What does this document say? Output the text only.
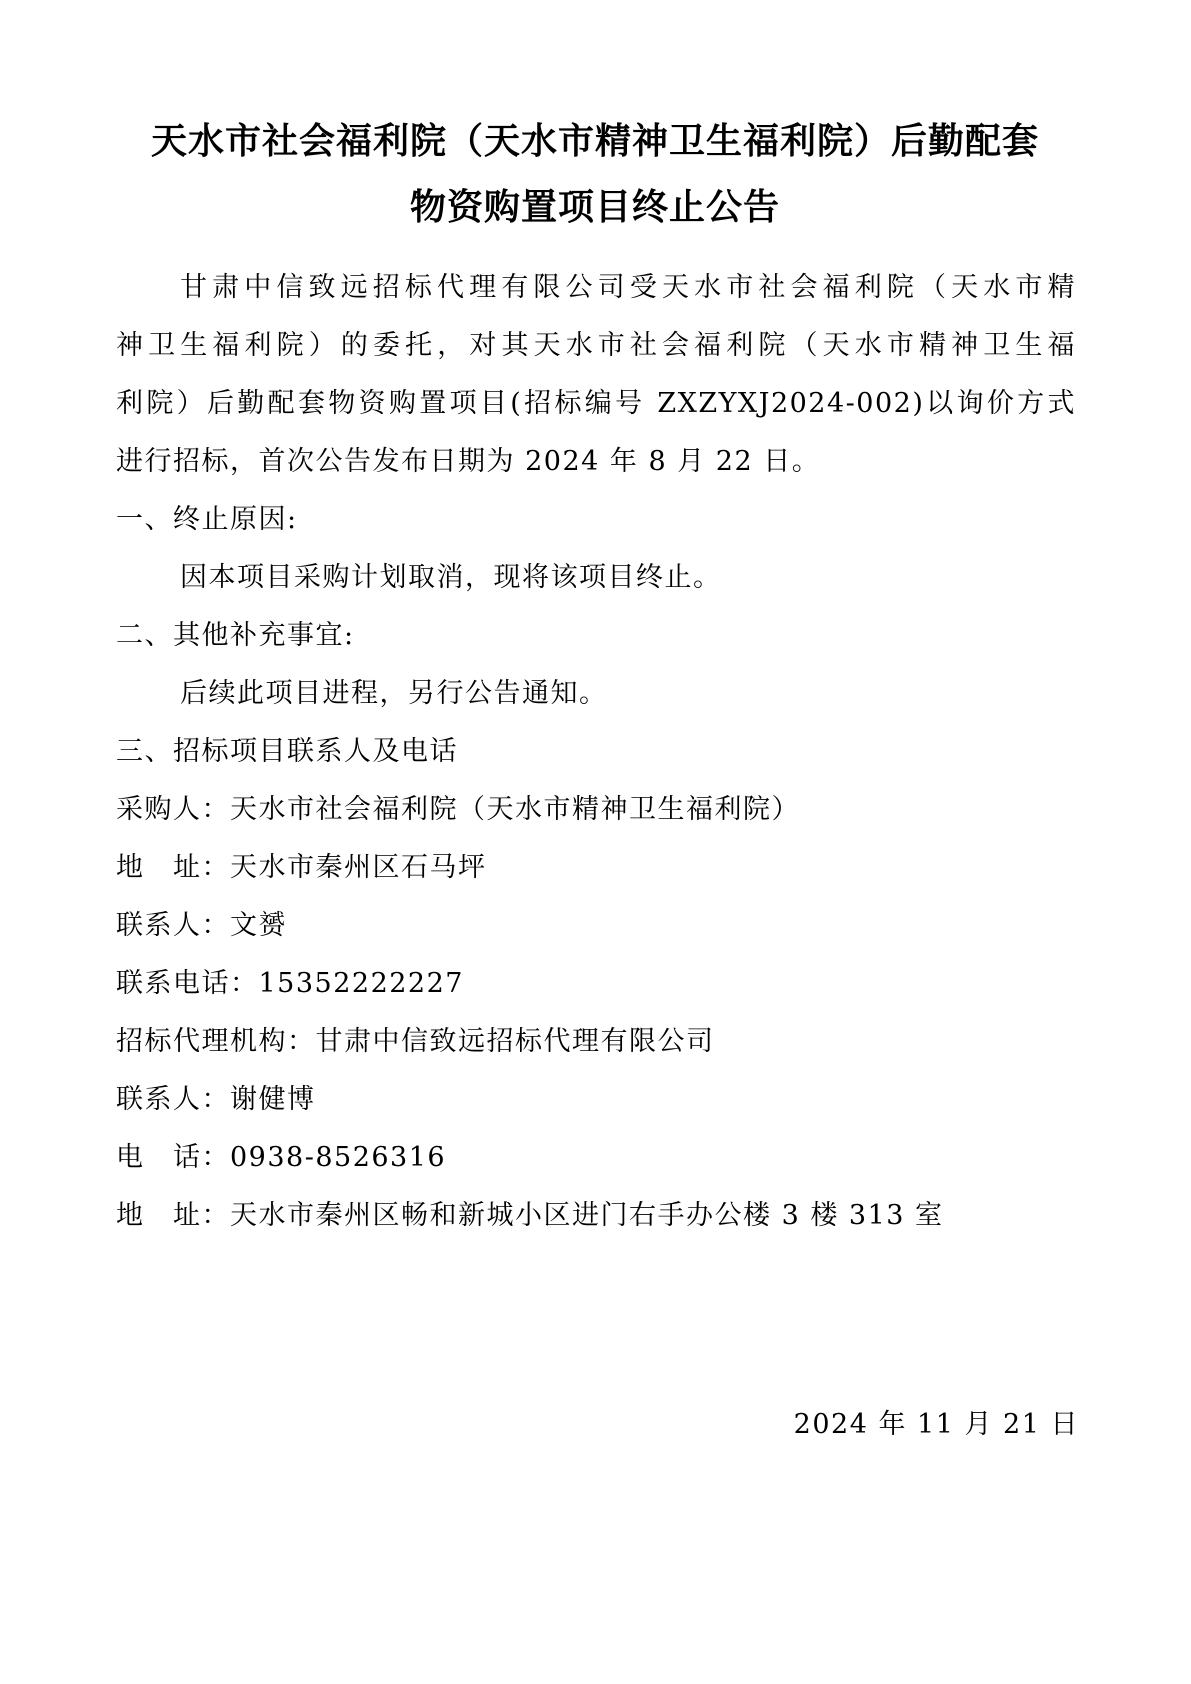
天水市社会福利院（天水市精神卫生福利院）后勤配套
物资购置项目终止公告
甘肃中信致远招标代理有限公司受天水市社会福利院（天水市精
神卫生福利院）的委托，对其天水市社会福利院（天水市精神卫生福
利院）后勤配套物资购置项目(招标编号 ZXZYXJ2024-002)以询价方式
进行招标，首次公告发布日期为 2024 年 8 月 22 日。
一、终止原因:
因本项目采购计划取消，现将该项目终止。
二、其他补充事宜:
后续此项目进程，另行公告通知。
三、招标项目联系人及电话
采购人：天水市社会福利院（天水市精神卫生福利院）
地　址：天水市秦州区石马坪
联系人：文赟
联系电话：15352222227
招标代理机构：甘肃中信致远招标代理有限公司
联系人：谢健博
电　话：0938-8526316
地　址：天水市秦州区畅和新城小区进门右手办公楼 3 楼 313 室
2024 年 11 月 21 日
